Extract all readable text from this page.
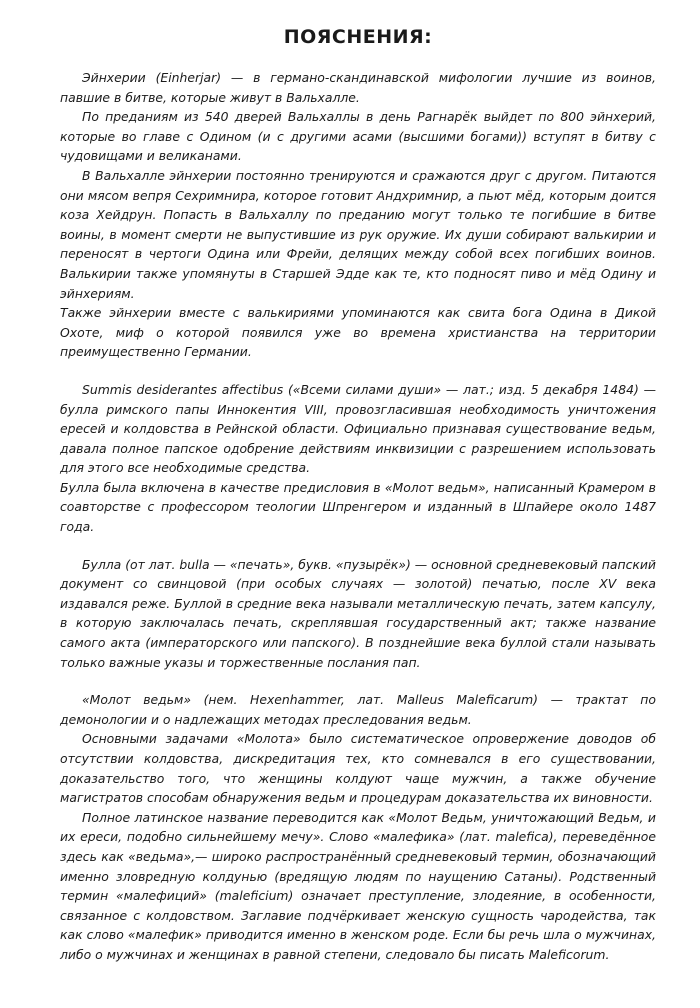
ПОЯСНЕНИЯ:

Эйнхерии (Einherjar) — в германо-скандинавской мифологии лучшие из воинов, павшие в битве, которые живут в Вальхалле.

По преданиям из 540 дверей Вальхаллы в день Рагнарёк выйдет по 800 эйнхерий, которые во главе с Одином (и с другими асами (высшими богами)) вступят в битву с чудовищами и великанами.

В Вальхалле эйнхерии постоянно тренируются и сражаются друг с другом. Питаются они мясом вепря Сехримнира, которое готовит Андхримнир, а пьют мёд, которым доится коза Хейдрун. Попасть в Вальхаллу по преданию могут только те погибшие в битве воины, в момент смерти не выпустившие из рук оружие. Их души собирают валькирии и переносят в чертоги Одина или Фрейи, делящих между собой всех погибших воинов. Валькирии также упомянуты в Старшей Эдде как те, кто подносят пиво и мёд Одину и эйнхериям.

Также эйнхерии вместе с валькириями упоминаются как свита бога Одина в Дикой Охоте, миф о которой появился уже во времена христианства на территории преимущественно Германии.

Summis desiderantes affectibus («Всеми силами души» — лат.; изд. 5 декабря 1484) — булла римского папы Иннокентия VIII, провозгласившая необходимость уничтожения ересей и колдовства в Рейнской области. Официально признавая существование ведьм, давала полное папское одобрение действиям инквизиции с разрешением использовать для этого все необходимые средства.

Булла была включена в качестве предисловия в «Молот ведьм», написанный Крамером в соавторстве с профессором теологии Шпренгером и изданный в Шпайере около 1487 года.

Булла (от лат. bulla — «печать», букв. «пузырёк») — основной средневековый папский документ со свинцовой (при особых случаях — золотой) печатью, после XV века издавался реже. Буллой в средние века называли металлическую печать, затем капсулу, в которую заключалась печать, скреплявшая государственный акт; также название самого акта (императорского или папского). В позднейшие века буллой стали называть только важные указы и торжественные послания пап.

«Молот ведьм» (нем. Hexenhammer, лат. Malleus Maleficarum) — трактат по демонологии и о надлежащих методах преследования ведьм.

Основными задачами «Молота» было систематическое опровержение доводов об отсутствии колдовства, дискредитация тех, кто сомневался в его существовании, доказательство того, что женщины колдуют чаще мужчин, а также обучение магистратов способам обнаружения ведьм и процедурам доказательства их виновности.

Полное латинское название переводится как «Молот Ведьм, уничтожающий Ведьм, и их ереси, подобно сильнейшему мечу». Слово «малефика» (лат. malefica), переведённое здесь как «ведьма»,— широко распространённый средневековый термин, обозначающий именно зловредную колдунью (вредящую людям по наущению Сатаны). Родственный термин «малефиций» (maleficium) означает преступление, злодеяние, в особенности, связанное с колдовством. Заглавие подчёркивает женскую сущность чародейства, так как слово «малефик» приводится именно в женском роде. Если бы речь шла о мужчинах, либо о мужчинах и женщинах в равной степени, следовало бы писать Maleficorum.
